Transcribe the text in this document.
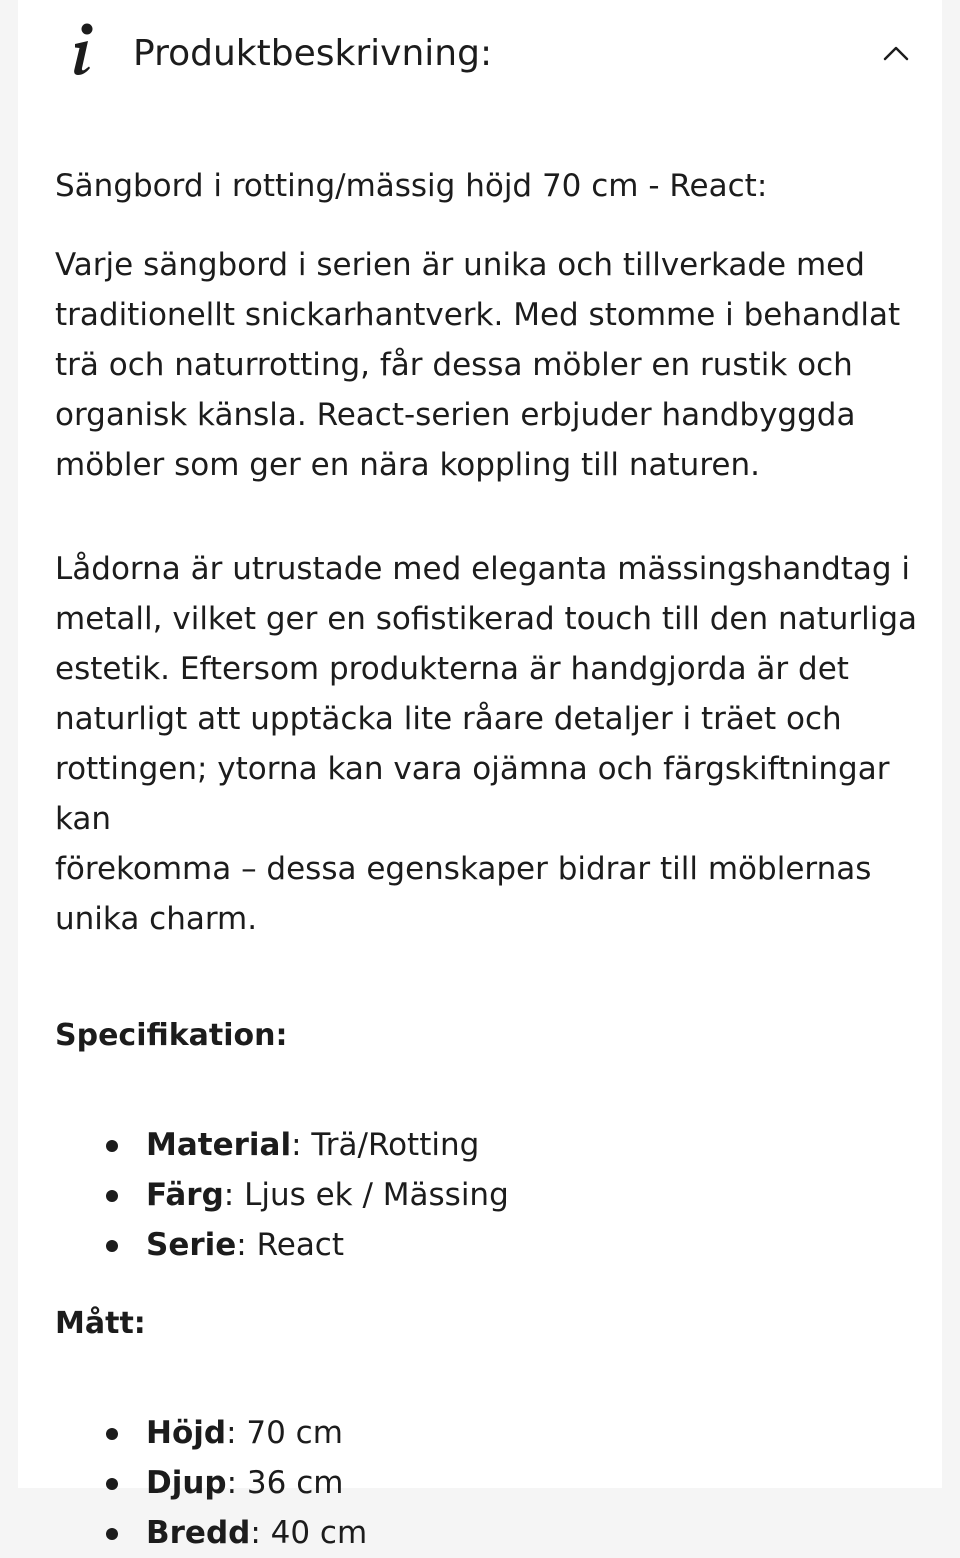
Produktbeskrivning:
Sängbord i rotting/mässig höjd 70 cm - React:

Varje sängbord i serien är unika och tillverkade med
traditionellt snickarhantverk. Med stomme i behandlat
trä och naturrotting, får dessa möbler en rustik och
organisk känsla. React-serien erbjuder handbyggda
möbler som ger en nära koppling till naturen.

Lådorna är utrustade med eleganta mässingshandtag i
metall, vilket ger en sofistikerad touch till den naturliga
estetik. Eftersom produkterna är handgjorda är det
naturligt att upptäcka lite råare detaljer i träet och
rottingen; ytorna kan vara ojämna och färgskiftningar kan
förekomma – dessa egenskaper bidrar till möblernas
unika charm.

Specifikation:
Material: Trä/Rotting
Färg: Ljus ek / Mässing
Serie: React
Mått:
Höjd: 70 cm
Djup: 36 cm
Bredd: 40 cm
